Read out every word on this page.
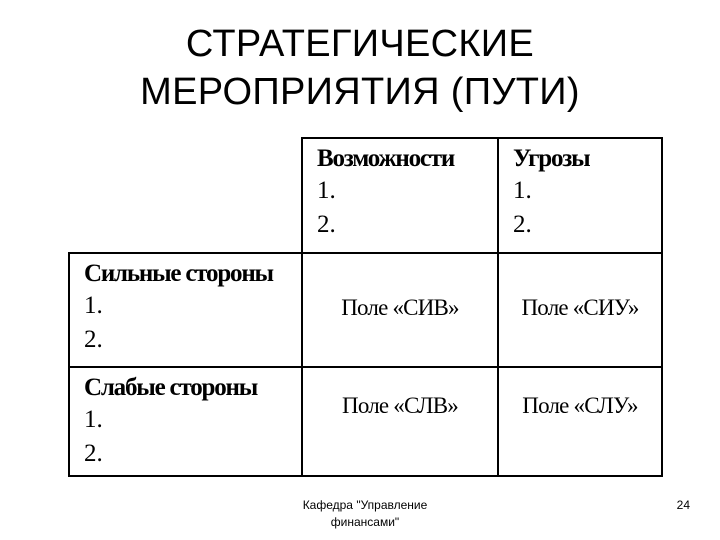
СТРАТЕГИЧЕСКИЕ
МЕРОПРИЯТИЯ (ПУТИ)
Возможности
1.
2.
Угрозы
1.
2.
Сильные стороны
1.
2.
Поле «СИВ»	Поле «СИУ»
Слабые стороны
1.
2.
Поле «СЛВ»	Поле «СЛУ»
Кафедра "Управление
финансами"
24
